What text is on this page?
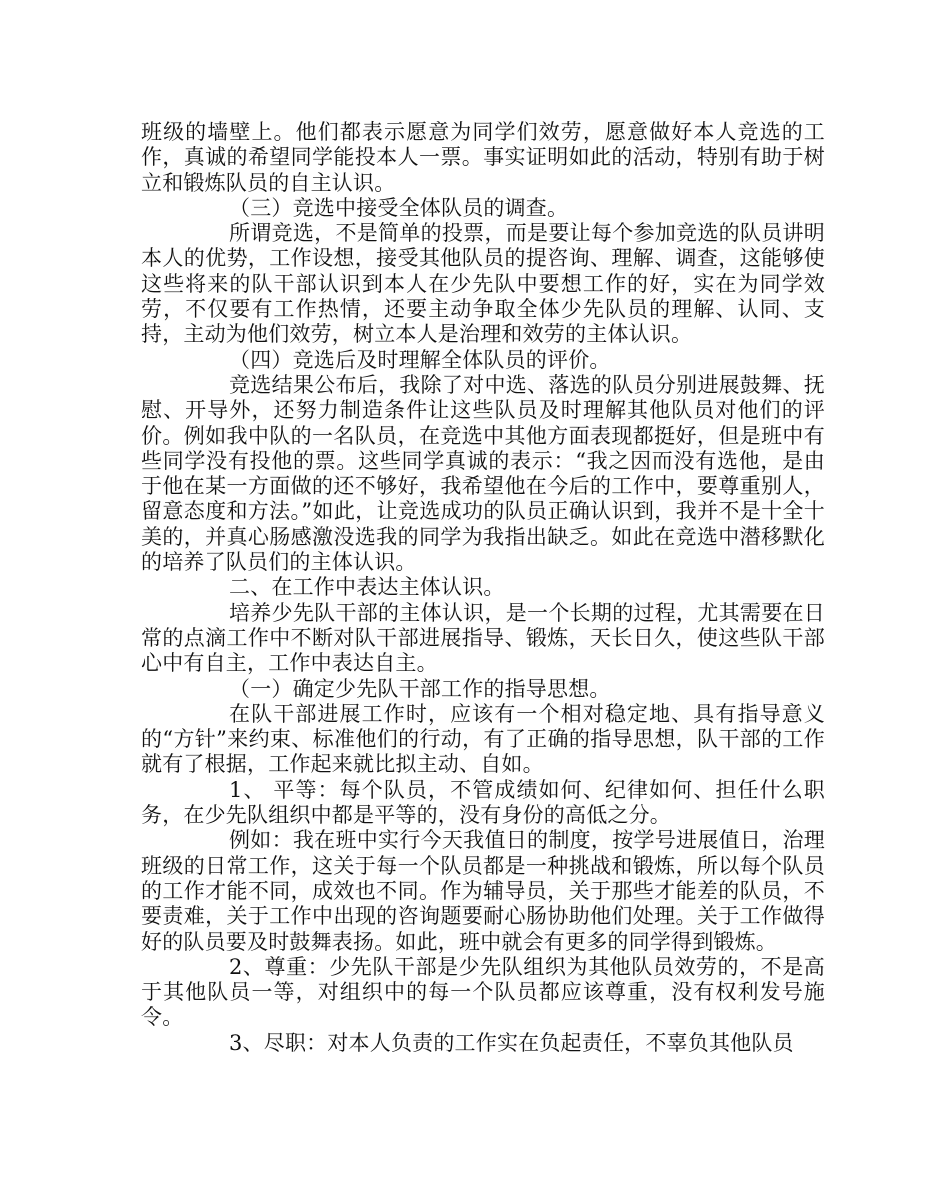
班级的墙壁上。他们都表示愿意为同学们效劳，愿意做好本人竞选的工作，真诚的希望同学能投本人一票。事实证明如此的活动，特别有助于树立和锻炼队员的自主认识。

（三）竞选中接受全体队员的调查。

所谓竞选，不是简单的投票，而是要让每个参加竞选的队员讲明本人的优势，工作设想，接受其他队员的提咨询、理解、调查，这能够使这些将来的队干部认识到本人在少先队中要想工作的好，实在为同学效劳，不仅要有工作热情，还要主动争取全体少先队员的理解、认同、支持，主动为他们效劳，树立本人是治理和效劳的主体认识。

（四）竞选后及时理解全体队员的评价。

竞选结果公布后，我除了对中选、落选的队员分别进展鼓舞、抚慰、开导外，还努力制造条件让这些队员及时理解其他队员对他们的评价。例如我中队的一名队员，在竞选中其他方面表现都挺好，但是班中有些同学没有投他的票。这些同学真诚的表示：“我之因而没有选他，是由于他在某一方面做的还不够好，我希望他在今后的工作中，要尊重别人，留意态度和方法。”如此，让竞选成功的队员正确认识到，我并不是十全十美的，并真心肠感激没选我的同学为我指出缺乏。如此在竞选中潜移默化的培养了队员们的主体认识。

二、在工作中表达主体认识。

培养少先队干部的主体认识，是一个长期的过程，尤其需要在日常的点滴工作中不断对队干部进展指导、锻炼，天长日久，使这些队干部心中有自主，工作中表达自主。

（一）确定少先队干部工作的指导思想。

在队干部进展工作时，应该有一个相对稳定地、具有指导意义的“方针”来约束、标准他们的行动，有了正确的指导思想，队干部的工作就有了根据，工作起来就比拟主动、自如。

1、 平等：每个队员，不管成绩如何、纪律如何、担任什么职务，在少先队组织中都是平等的，没有身份的高低之分。

例如：我在班中实行今天我值日的制度，按学号进展值日，治理班级的日常工作，这关于每一个队员都是一种挑战和锻炼，所以每个队员的工作才能不同，成效也不同。作为辅导员，关于那些才能差的队员，不要责难，关于工作中出现的咨询题要耐心肠协助他们处理。关于工作做得好的队员要及时鼓舞表扬。如此，班中就会有更多的同学得到锻炼。

2、尊重：少先队干部是少先队组织为其他队员效劳的，不是高于其他队员一等，对组织中的每一个队员都应该尊重，没有权利发号施令。

3、尽职：对本人负责的工作实在负起责任，不辜负其他队员
